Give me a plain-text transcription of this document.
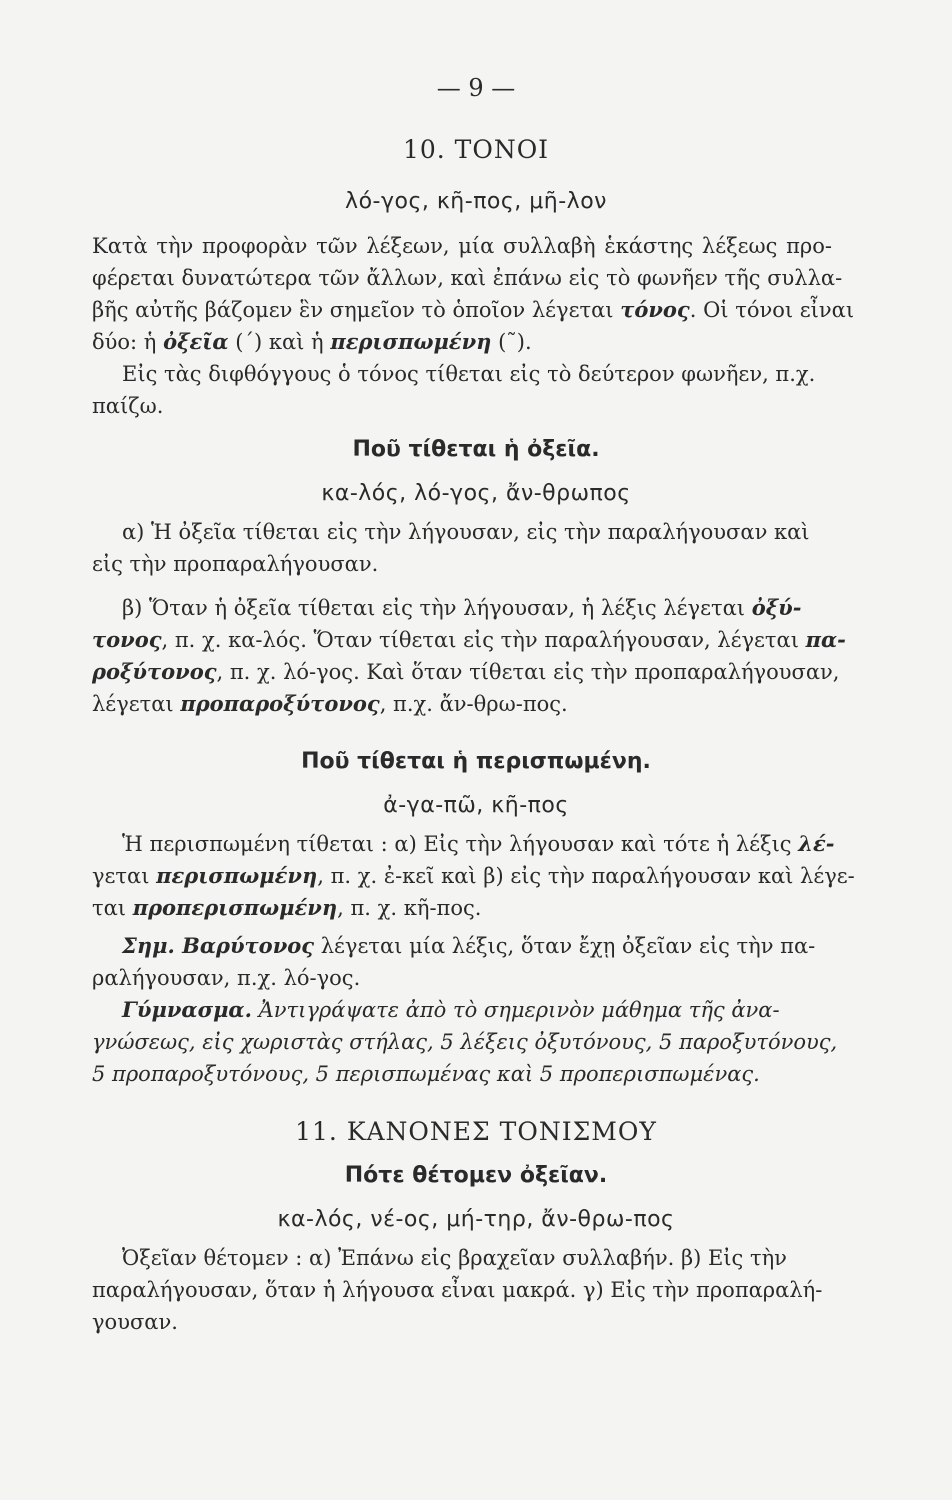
— 9 —
10. ΤΟΝΟΙ
λό-γος, κῆ-πος, μῆ-λον
Κατὰ τὴν προφορὰν τῶν λέξεων, μία συλλαβὴ ἑκάστης λέξεως προ-
φέρεται δυνατώτερα τῶν ἄλλων, καὶ ἐπάνω εἰς τὸ φωνῆεν τῆς συλλα-
βῆς αὐτῆς βάζομεν ἓν σημεῖον τὸ ὁποῖον λέγεται τόνος. Οἱ τόνοι εἶναι
δύο: ἡ ὀξεῖα (΄) καὶ ἡ περισπωμένη (῀).
Εἰς τὰς διφθόγγους ὁ τόνος τίθεται εἰς τὸ δεύτερον φωνῆεν, π.χ.
παίζω.
Ποῦ τίθεται ἡ ὀξεῖα.
κα-λός, λό-γος, ἄν-θρωπος
α) Ἡ ὀξεῖα τίθεται εἰς τὴν λήγουσαν, εἰς τὴν παραλήγουσαν καὶ
εἰς τὴν προπαραλήγουσαν.
β) Ὅταν ἡ ὀξεῖα τίθεται εἰς τὴν λήγουσαν, ἡ λέξις λέγεται ὀξύ-
τονος, π. χ. κα-λός. Ὅταν τίθεται εἰς τὴν παραλήγουσαν, λέγεται πα-
ροξύτονος, π. χ. λό-γος. Καὶ ὅταν τίθεται εἰς τὴν προπαραλήγουσαν,
λέγεται προπαροξύτονος, π.χ. ἄν-θρω-πος.
Ποῦ τίθεται ἡ περισπωμένη.
ἀ-γα-πῶ, κῆ-πος
Ἡ περισπωμένη τίθεται : α) Εἰς τὴν λήγουσαν καὶ τότε ἡ λέξις λέ-
γεται περισπωμένη, π. χ. ἐ-κεῖ καὶ β) εἰς τὴν παραλήγουσαν καὶ λέγε-
ται προπερισπωμένη, π. χ. κῆ-πος.
Σημ. Βαρύτονος λέγεται μία λέξις, ὅταν ἔχῃ ὀξεῖαν εἰς τὴν πα-
ραλήγουσαν, π.χ. λό-γος.
Γύμνασμα. Ἀντιγράψατε ἀπὸ τὸ σημερινὸν μάθημα τῆς ἀνα-
γνώσεως, εἰς χωριστὰς στήλας, 5 λέξεις ὀξυτόνους, 5 παροξυτόνους,
5 προπαροξυτόνους, 5 περισπωμένας καὶ 5 προπερισπωμένας.
11. ΚΑΝΟΝΕΣ ΤΟΝΙΣΜΟΥ
Πότε θέτομεν ὀξεῖαν.
κα-λός, νέ-ος, μή-τηρ, ἄν-θρω-πος
Ὀξεῖαν θέτομεν : α) Ἐπάνω εἰς βραχεῖαν συλλαβήν. β) Εἰς τὴν
παραλήγουσαν, ὅταν ἡ λήγουσα εἶναι μακρά. γ) Εἰς τὴν προπαραλή-
γουσαν.
